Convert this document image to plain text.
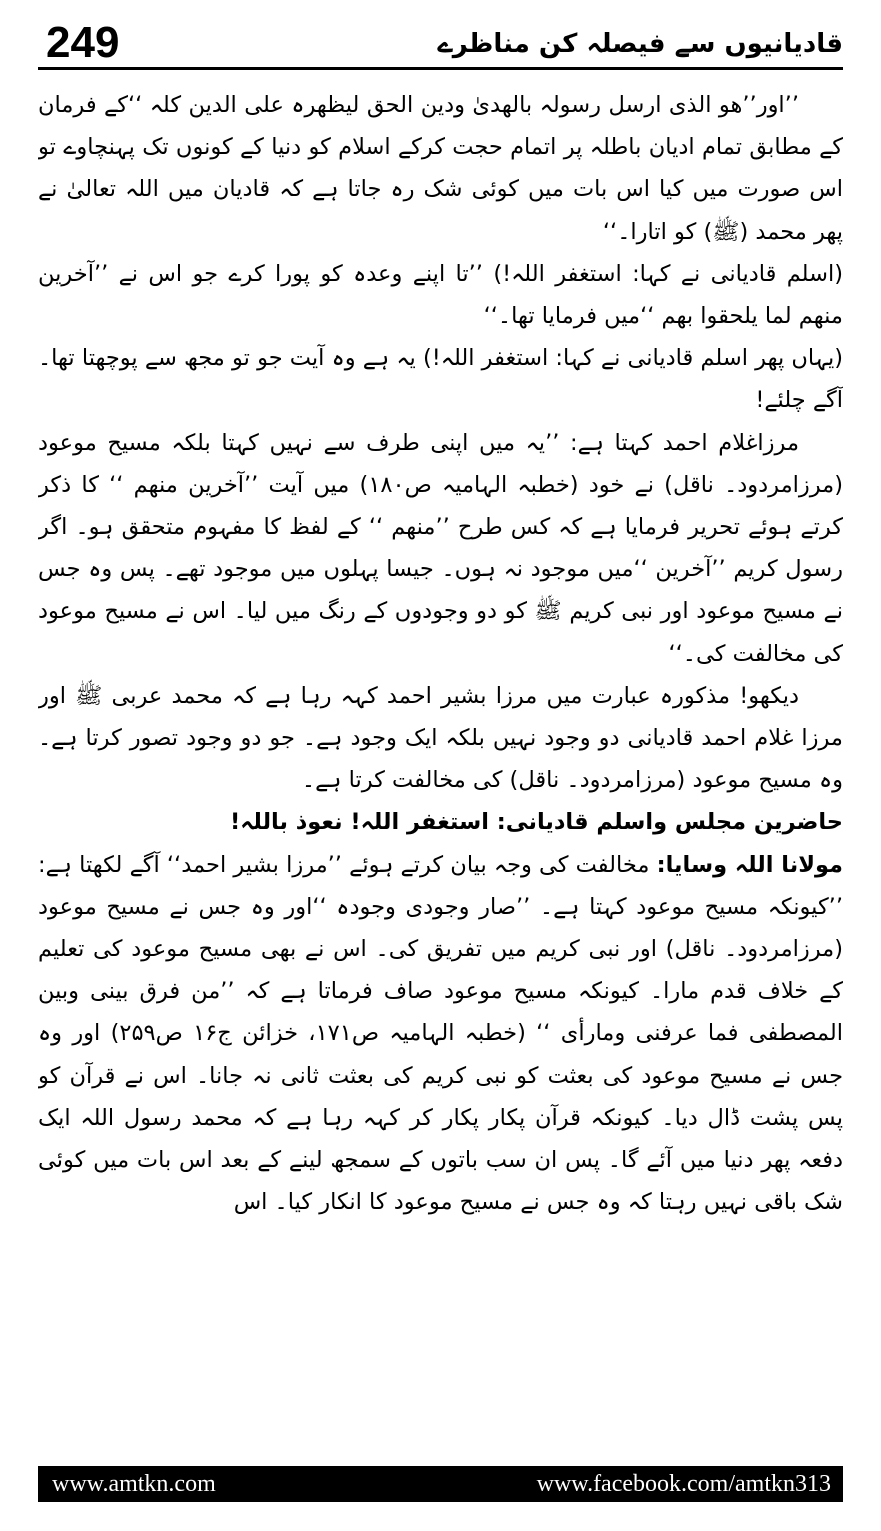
249	قادیانیوں سے فیصلہ کن مناظرے

’’اور’’ھو الذی ارسل رسولہ بالھدیٰ ودین الحق لیظھرہ علی الدین کلہ ‘‘کے فرمان کے مطابق تمام ادیان باطلہ پر اتمام حجت کرکے اسلام کو دنیا کے کونوں تک پہنچاوے تو اس صورت میں کیا اس بات میں کوئی شک رہ جاتا ہے کہ قادیان میں اللہ تعالیٰ نے پھر محمد (ﷺ) کو اتارا۔‘‘

(اسلم قادیانی نے کہا: استغفر اللہ!) ’’تا اپنے وعدہ کو پورا کرے جو اس نے ’’آخرین منھم لما یلحقوا بھم ‘‘میں فرمایا تھا۔‘‘

(یہاں پھر اسلم قادیانی نے کہا: استغفر اللہ!) یہ ہے وہ آیت جو تو مجھ سے پوچھتا تھا۔ آگے چلئے!

مرزاغلام احمد کہتا ہے: ’’یہ میں اپنی طرف سے نہیں کہتا بلکہ مسیح موعود (مرزامردود۔ ناقل) نے خود (خطبہ الہامیہ ص۱۸۰) میں آیت ’’آخرین منھم ‘‘ کا ذکر کرتے ہوئے تحریر فرمایا ہے کہ کس طرح ’’منھم ‘‘ کے لفظ کا مفہوم متحقق ہو۔ اگر رسول کریم ’’آخرین ‘‘میں موجود نہ ہوں۔ جیسا پہلوں میں موجود تھے۔ پس وہ جس نے مسیح موعود اور نبی کریم ﷺ کو دو وجودوں کے رنگ میں لیا۔ اس نے مسیح موعود کی مخالفت کی۔‘‘

دیکھو! مذکورہ عبارت میں مرزا بشیر احمد کہہ رہا ہے کہ محمد عربی ﷺ اور مرزا غلام احمد قادیانی دو وجود نہیں بلکہ ایک وجود ہے۔ جو دو وجود تصور کرتا ہے۔ وہ مسیح موعود (مرزامردود۔ ناقل) کی مخالفت کرتا ہے۔

حاضرین مجلس واسلم قادیانی: استغفر اللہ! نعوذ باللہ!

مولانا اللہ وسایا: مخالفت کی وجہ بیان کرتے ہوئے ’’مرزا بشیر احمد‘‘ آگے لکھتا ہے: ’’کیونکہ مسیح موعود کہتا ہے۔ ’’صار وجودی وجودہ ‘‘اور وہ جس نے مسیح موعود (مرزامردود۔ ناقل) اور نبی کریم میں تفریق کی۔ اس نے بھی مسیح موعود کی تعلیم کے خلاف قدم مارا۔ کیونکہ مسیح موعود صاف فرماتا ہے کہ ’’من فرق بینی وبین المصطفی فما عرفنی ومارأی ‘‘ (خطبہ الہامیہ ص۱۷۱، خزائن ج۱۶ ص۲۵۹) اور وہ جس نے مسیح موعود کی بعثت کو نبی کریم کی بعثت ثانی نہ جانا۔ اس نے قرآن کو پس پشت ڈال دیا۔ کیونکہ قرآن پکار پکار کر کہہ رہا ہے کہ محمد رسول اللہ ایک دفعہ پھر دنیا میں آئے گا۔ پس ان سب باتوں کے سمجھ لینے کے بعد اس بات میں کوئی شک باقی نہیں رہتا کہ وہ جس نے مسیح موعود کا انکار کیا۔ اس

www.amtkn.com	www.facebook.com/amtkn313
